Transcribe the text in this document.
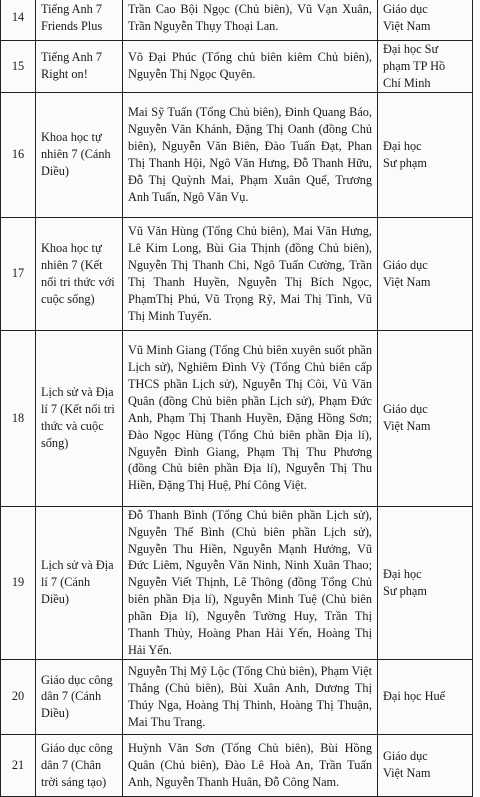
14	Tiếng Anh 7
Friends Plus	Trần Cao Bội Ngọc (Chủ biên), Vũ Vạn Xuân, Trần Nguyễn Thụy Thoại Lan.	Giáo dục
Việt Nam

15	Tiếng Anh 7
Right on!	Võ Đại Phúc (Tổng chủ biên kiêm Chủ biên), Nguyễn Thị Ngọc Quyên.	Đại học Sư
phạm TP Hồ
Chí Minh

16	Khoa học tự nhiên 7 (Cánh Diều)	Mai Sỹ Tuấn (Tổng Chủ biên), Đinh Quang Báo, Nguyễn Văn Khánh, Đặng Thị Oanh (đồng Chủ biên), Nguyễn Văn Biên, Đào Tuấn Đạt, Phan Thị Thanh Hội, Ngô Văn Hưng, Đỗ Thanh Hữu, Đỗ Thị Quỳnh Mai, Phạm Xuân Quế, Trương Anh Tuấn, Ngô Văn Vụ.	Đại học
Sư phạm

17	Khoa học tự nhiên 7 (Kết nối tri thức với cuộc sống)	Vũ Văn Hùng (Tổng Chủ biên), Mai Văn Hưng, Lê Kim Long, Bùi Gia Thịnh (đồng Chủ biên), Nguyễn Thị Thanh Chi, Ngô Tuấn Cường, Trần Thị Thanh Huyền, Nguyễn Thị Bích Ngọc, PhạmThị Phú, Vũ Trọng Rỹ, Mai Thị Tình, Vũ Thị Minh Tuyến.	Giáo dục
Việt Nam

18	Lịch sử và Địa lí 7 (Kết nối tri thức và cuộc sống)	Vũ Minh Giang (Tổng Chủ biên xuyên suốt phần Lịch sử), Nghiêm Đình Vỳ (Tổng Chủ biên cấp THCS phần Lịch sử), Nguyễn Thị Côi, Vũ Văn Quân (đồng Chủ biên phần Lịch sử), Phạm Đức Anh, Phạm Thị Thanh Huyền, Đặng Hồng Sơn; Đào Ngọc Hùng (Tổng Chủ biên phần Địa lí), Nguyễn Đình Giang, Phạm Thị Thu Phương (đồng Chủ biên phần Địa lí), Nguyễn Thị Thu Hiền, Đặng Thị Huệ, Phí Công Việt.	Giáo dục
Việt Nam

19	Lịch sử và Địa lí 7 (Cánh Diều)	Đỗ Thanh Bình (Tổng Chủ biên phần Lịch sử), Nguyễn Thế Bình (Chủ biên phần Lịch sử), Nguyễn Thu Hiền, Nguyễn Mạnh Hưởng, Vũ Đức Liêm, Nguyễn Văn Ninh, Ninh Xuân Thao; Nguyễn Viết Thịnh, Lê Thông (đồng Tổng Chủ biên phần Địa lí), Nguyễn Minh Tuệ (Chủ biên phần Địa lí), Nguyễn Tường Huy, Trần Thị Thanh Thủy, Hoàng Phan Hải Yến, Hoàng Thị Hải Yến.	Đại học
Sư phạm

20	Giáo dục công dân 7 (Cánh Diều)	Nguyễn Thị Mỹ Lộc (Tổng Chủ biên), Phạm Việt Thắng (Chủ biên), Bùi Xuân Anh, Dương Thị Thúy Nga, Hoàng Thị Thinh, Hoàng Thị Thuận, Mai Thu Trang.	Đại học Huế

21	Giáo dục công dân 7 (Chân trời sáng tạo)	Huỳnh Văn Sơn (Tổng Chủ biên), Bùi Hồng Quân (Chủ biên), Đào Lê Hoà An, Trần Tuấn Anh, Nguyễn Thanh Huân, Đỗ Công Nam.	Giáo dục
Việt Nam
